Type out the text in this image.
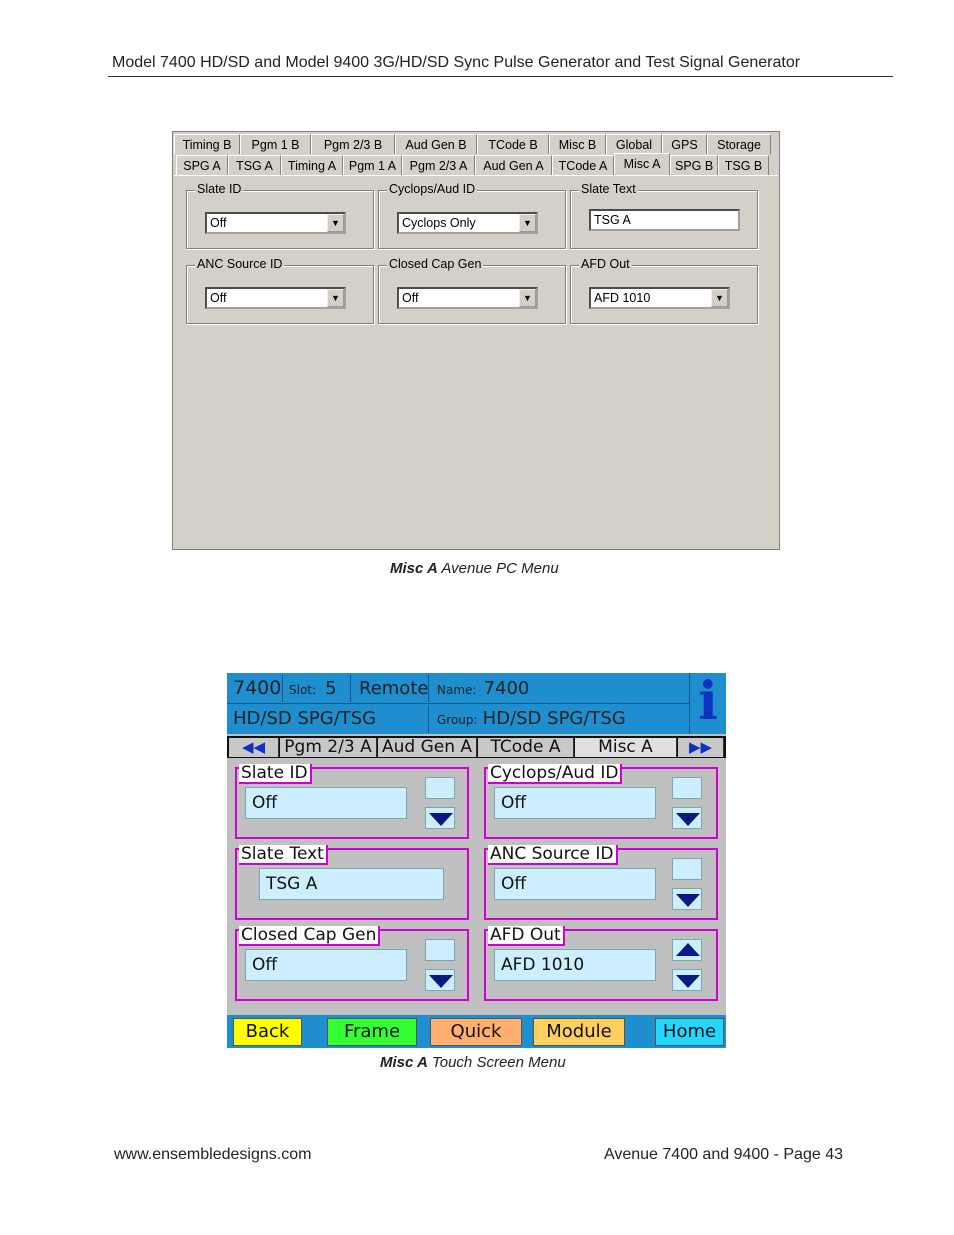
Model 7400 HD/SD and Model 9400 3G/HD/SD Sync Pulse Generator and Test Signal Generator
Timing B	Pgm 1 B	Pgm 2/3 B	Aud Gen B	TCode B	Misc B	Global	GPS	Storage
SPG A	TSG A	Timing A	Pgm 1 A	Pgm 2/3 A	Aud Gen A	TCode A	Misc A	SPG B TSG B
Slate ID
Off	▼
Cyclops/Aud ID
Cyclops Only	▼
Slate Text
TSG A
ANC Source ID
Off	▼
Closed Cap Gen
Off	▼
AFD Out
AFD 1010	▼
Misc A Avenue PC Menu
7400 Slot: 5	Remote Name: 7400
HD/SD SPG/TSG	Group: HD/SD SPG/TSG	i
◀◀	Pgm 2/3 A Aud Gen A	TCode A	Misc A	▶▶
Slate ID
Off
Cyclops/Aud ID
Off
Slate Text
TSG A
ANC Source ID
Off
Closed Cap Gen
Off
AFD Out
AFD 1010
Back	Frame	Quick	Module	Home
Misc A Touch Screen Menu
www.ensembledesigns.com	Avenue 7400 and 9400 - Page 43
